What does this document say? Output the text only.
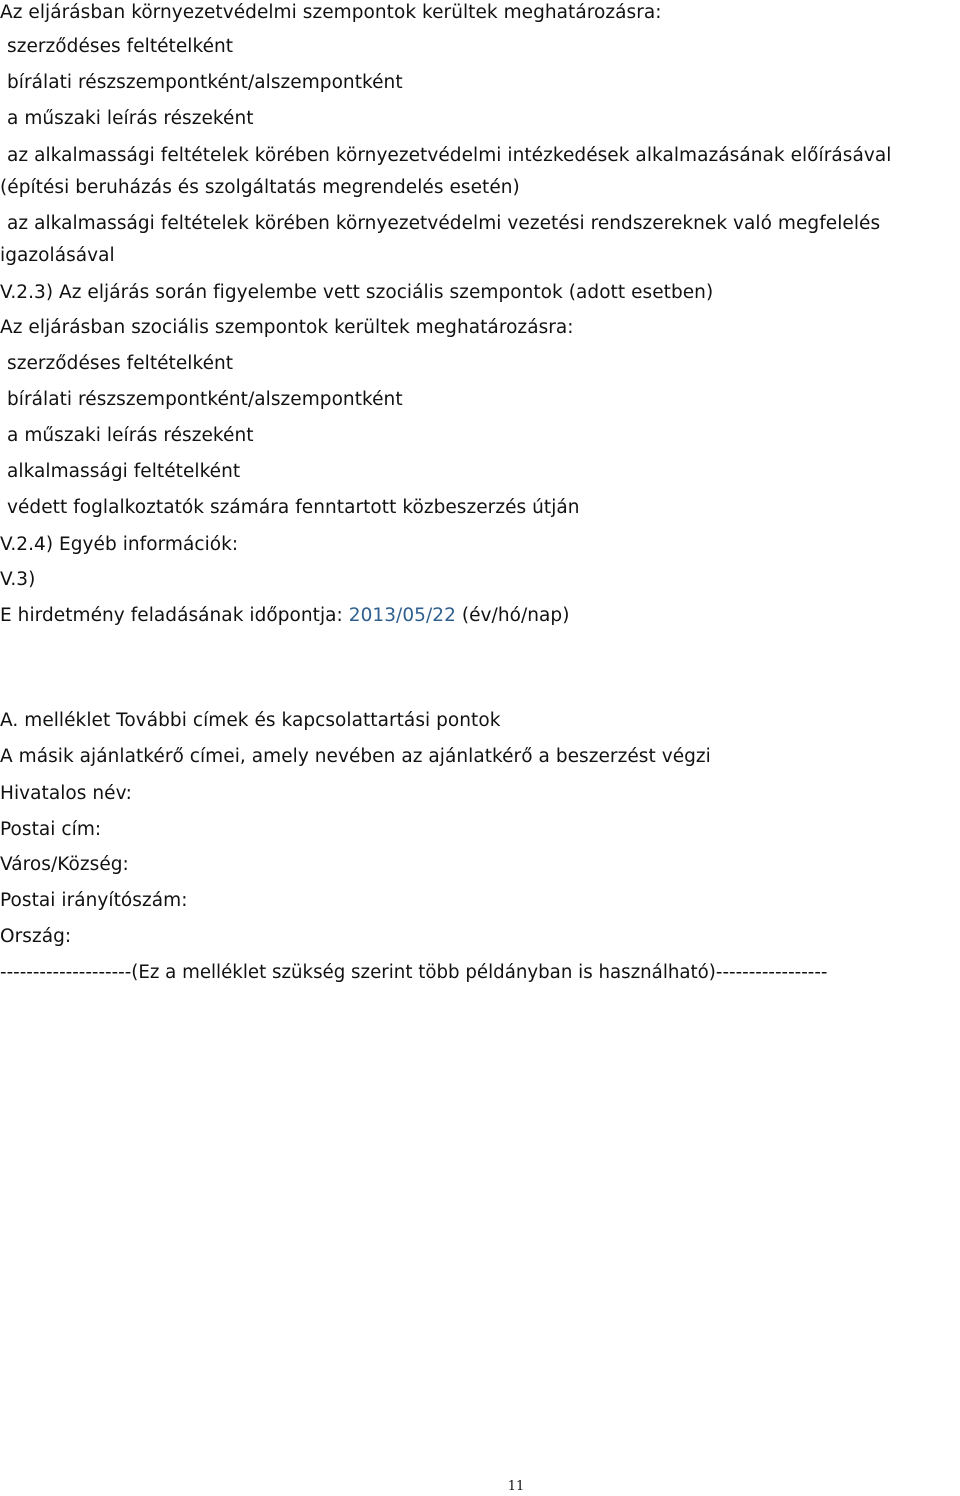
Az eljárásban környezetvédelmi szempontok kerültek meghatározásra:
szerződéses feltételként
bírálati részszempontként/alszempontként
a műszaki leírás részeként
az alkalmassági feltételek körében környezetvédelmi intézkedések alkalmazásának előírásával
(építési beruházás és szolgáltatás megrendelés esetén)
az alkalmassági feltételek körében környezetvédelmi vezetési rendszereknek való megfelelés
igazolásával
V.2.3) Az eljárás során figyelembe vett szociális szempontok (adott esetben)
Az eljárásban szociális szempontok kerültek meghatározásra:
szerződéses feltételként
bírálati részszempontként/alszempontként
a műszaki leírás részeként
alkalmassági feltételként
védett foglalkoztatók számára fenntartott közbeszerzés útján
V.2.4) Egyéb információk:
V.3)
E hirdetmény feladásának időpontja: 2013/05/22 (év/hó/nap)
A. melléklet További címek és kapcsolattartási pontok
A másik ajánlatkérő címei, amely nevében az ajánlatkérő a beszerzést végzi
Hivatalos név:
Postai cím:
Város/Község:
Postai irányítószám:
Ország:
--------------------(Ez a melléklet szükség szerint több példányban is használható)-----------------
11
